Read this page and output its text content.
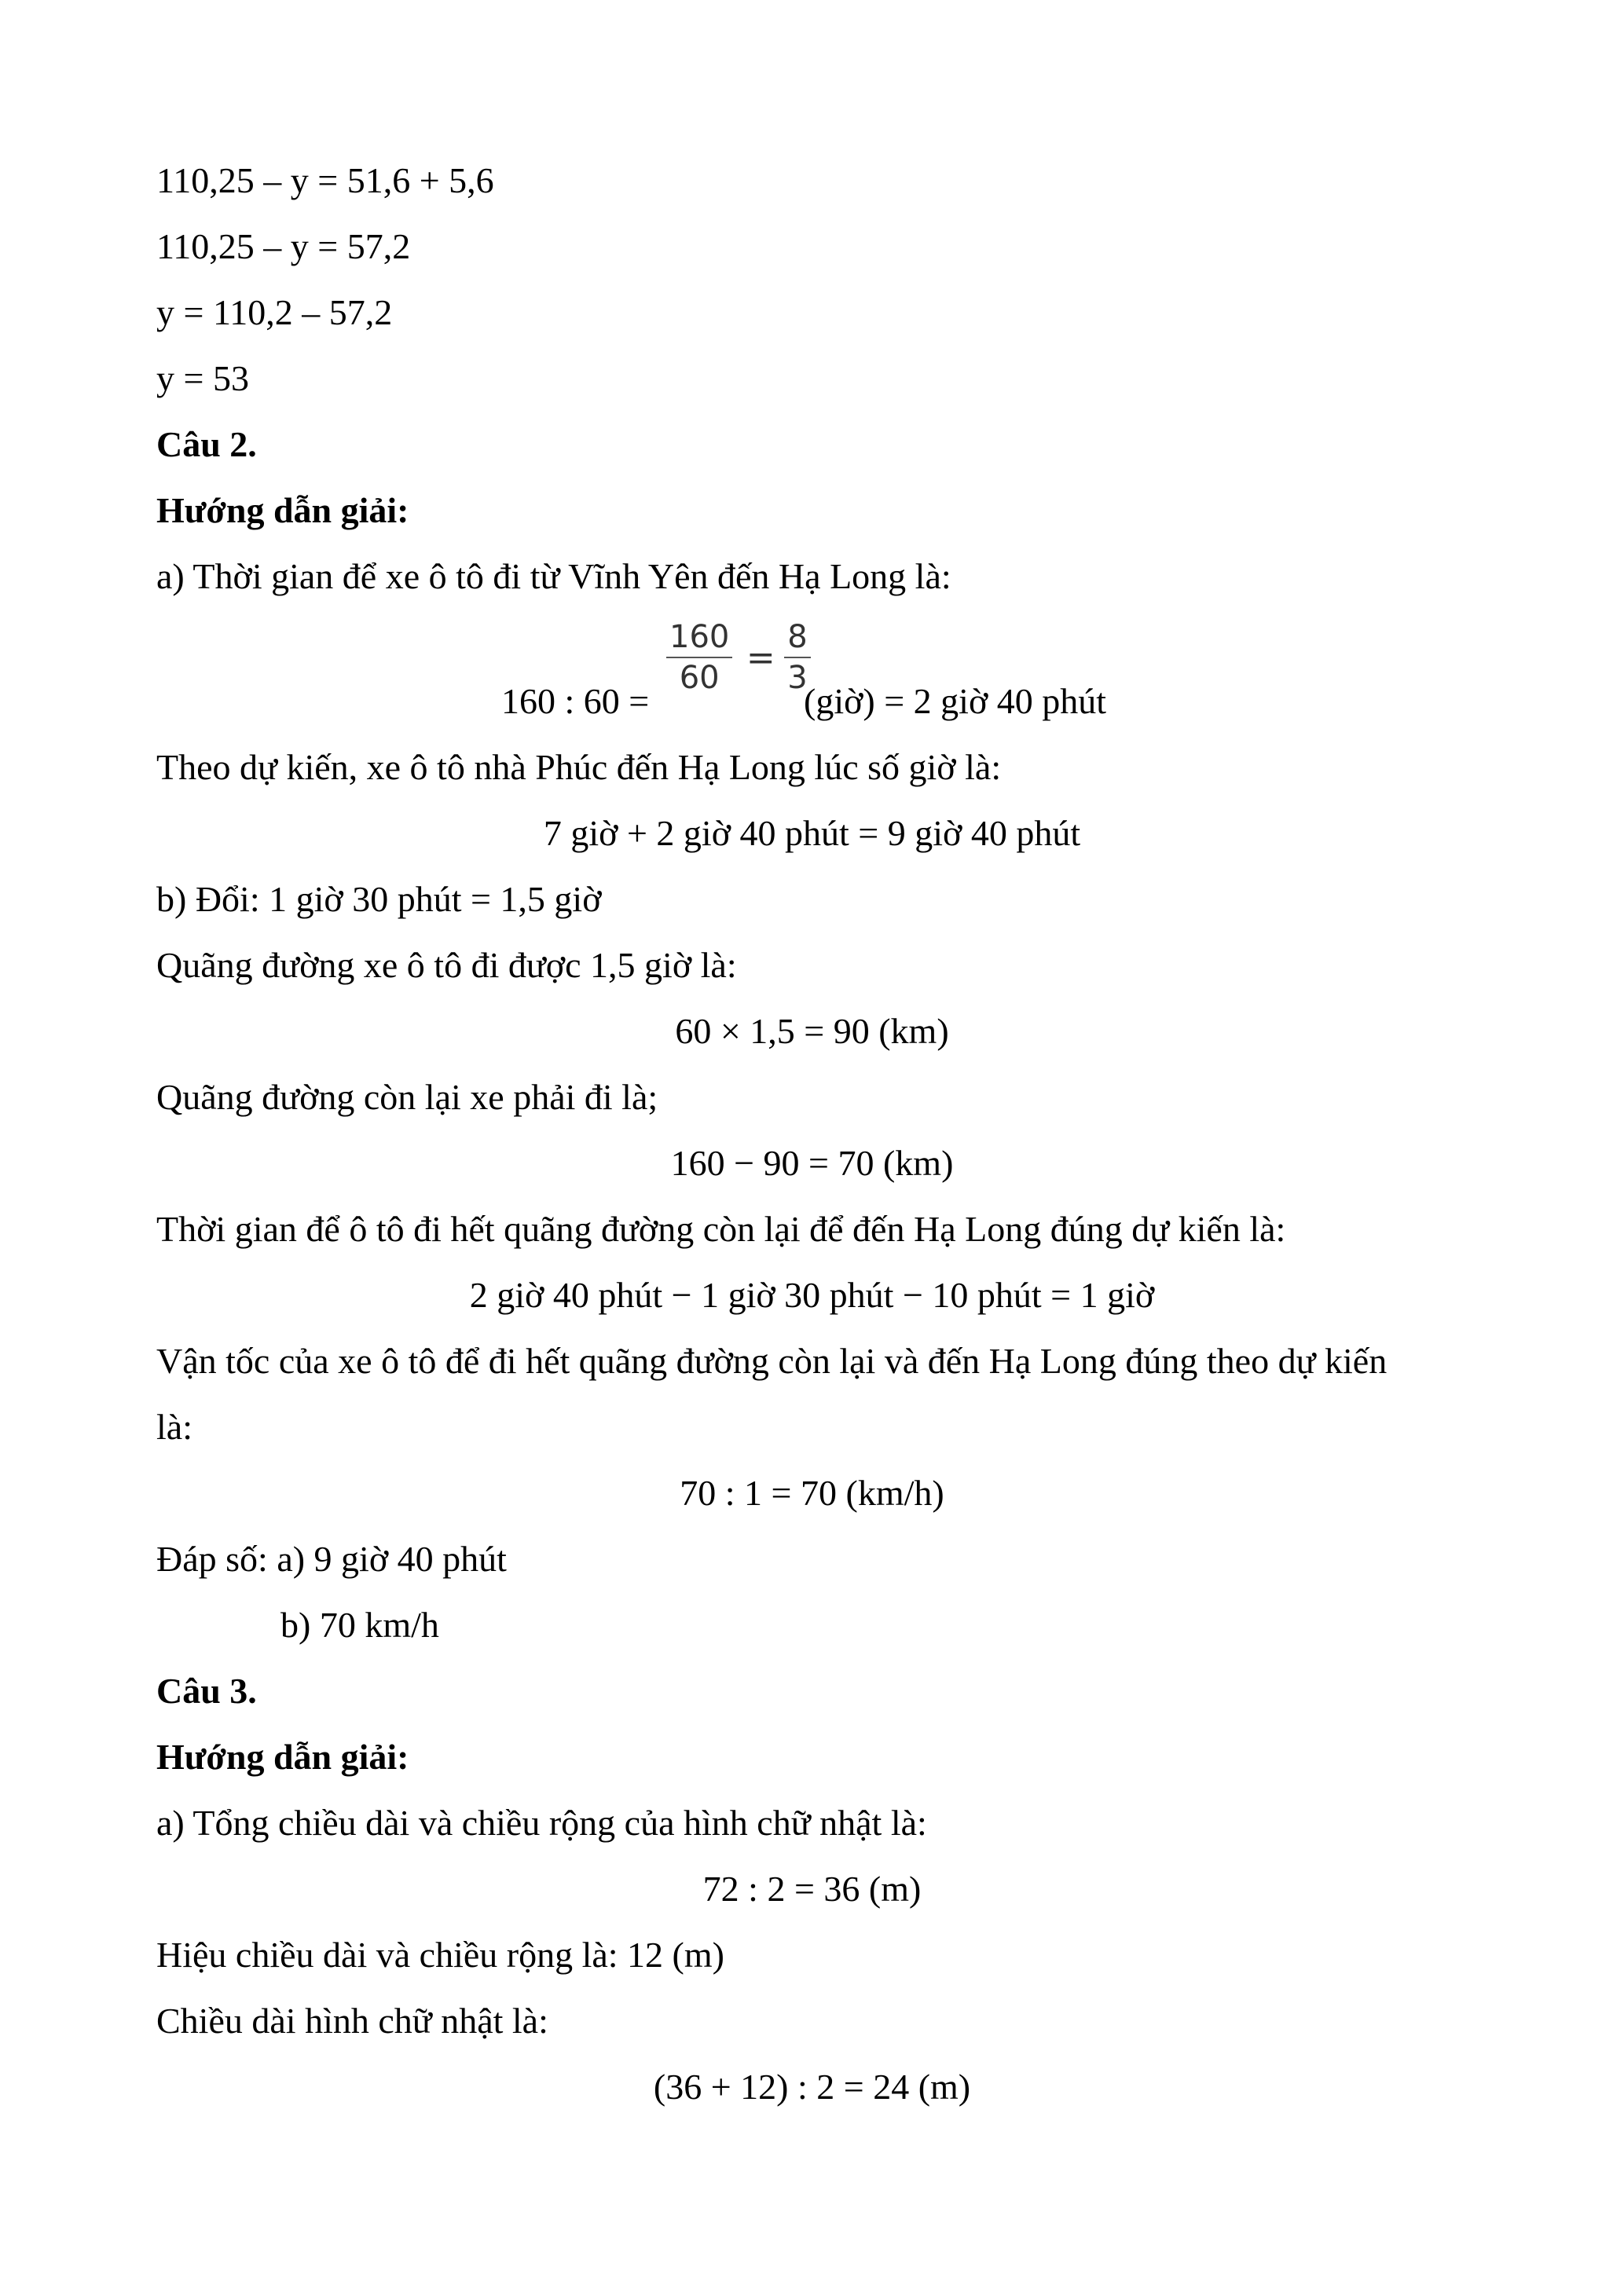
110,25 – y = 51,6 + 5,6
110,25 – y = 57,2
y = 110,2 – 57,2
y = 53
Câu 2.
Hướng dẫn giải:
a) Thời gian để xe ô tô đi từ Vĩnh Yên đến Hạ Long là:
$\frac{160}{60} = \frac{8}{3}$
160 : 60 =	(giờ) = 2 giờ 40 phút
Theo dự kiến, xe ô tô nhà Phúc đến Hạ Long lúc số giờ là:
7 giờ + 2 giờ 40 phút = 9 giờ 40 phút
b) Đổi: 1 giờ 30 phút = 1,5 giờ
Quãng đường xe ô tô đi được 1,5 giờ là:
60 × 1,5 = 90 (km)
Quãng đường còn lại xe phải đi là;
160 − 90 = 70 (km)
Thời gian để ô tô đi hết quãng đường còn lại để đến Hạ Long đúng dự kiến là:
2 giờ 40 phút − 1 giờ 30 phút − 10 phút = 1 giờ
Vận tốc của xe ô tô để đi hết quãng đường còn lại và đến Hạ Long đúng theo dự kiến
là:
70 : 1 = 70 (km/h)
Đáp số: a) 9 giờ 40 phút
b) 70 km/h
Câu 3.
Hướng dẫn giải:
a) Tổng chiều dài và chiều rộng của hình chữ nhật là:
72 : 2 = 36 (m)
Hiệu chiều dài và chiều rộng là: 12 (m)
Chiều dài hình chữ nhật là:
(36 + 12) : 2 = 24 (m)
